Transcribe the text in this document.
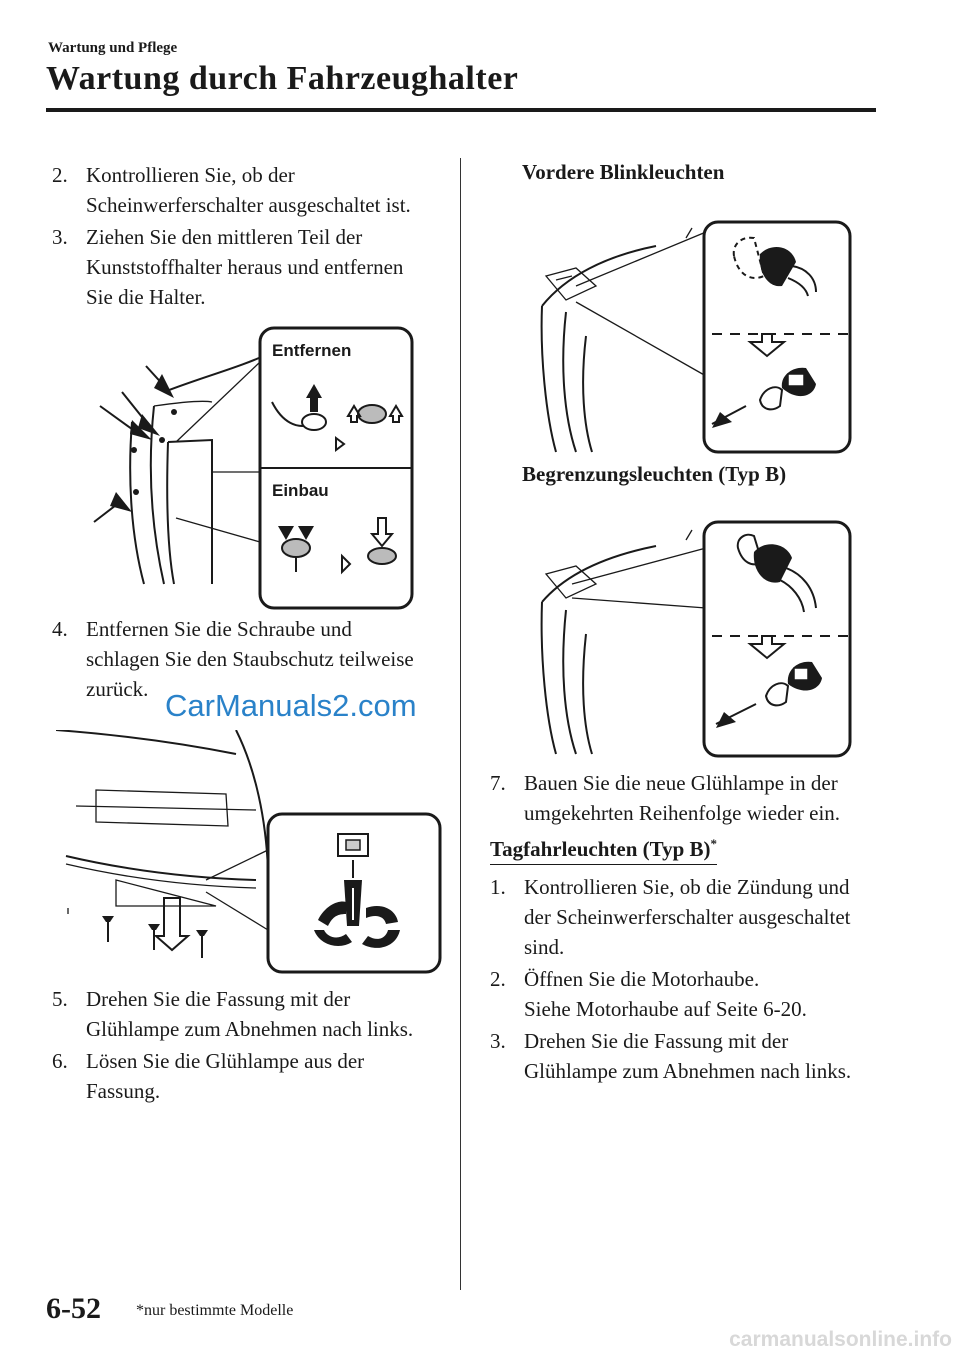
Wartung und Pflege
Wartung durch Fahrzeughalter
2. Kontrollieren Sie, ob der
Scheinwerferschalter ausgeschaltet ist.
3. Ziehen Sie den mittleren Teil der
Kunststoffhalter heraus und entfernen
Sie die Halter.
Entfernen
Einbau
4. Entfernen Sie die Schraube und
schlagen Sie den Staubschutz teilweise
zurück. CarManuals2.com
5. Drehen Sie die Fassung mit der
Glühlampe zum Abnehmen nach links.
6. Lösen Sie die Glühlampe aus der
Fassung.
Vordere Blinkleuchten
Begrenzungsleuchten (Typ B)
7. Bauen Sie die neue Glühlampe in der
umgekehrten Reihenfolge wieder ein.
Tagfahrleuchten (Typ B)*
1. Kontrollieren Sie, ob die Zündung und
der Scheinwerferschalter ausgeschaltet
sind.
2. Öffnen Sie die Motorhaube.
Siehe Motorhaube auf Seite 6-20.
3. Drehen Sie die Fassung mit der
Glühlampe zum Abnehmen nach links.
6-52 *nur bestimmte Modelle
carmanualsonline.info
